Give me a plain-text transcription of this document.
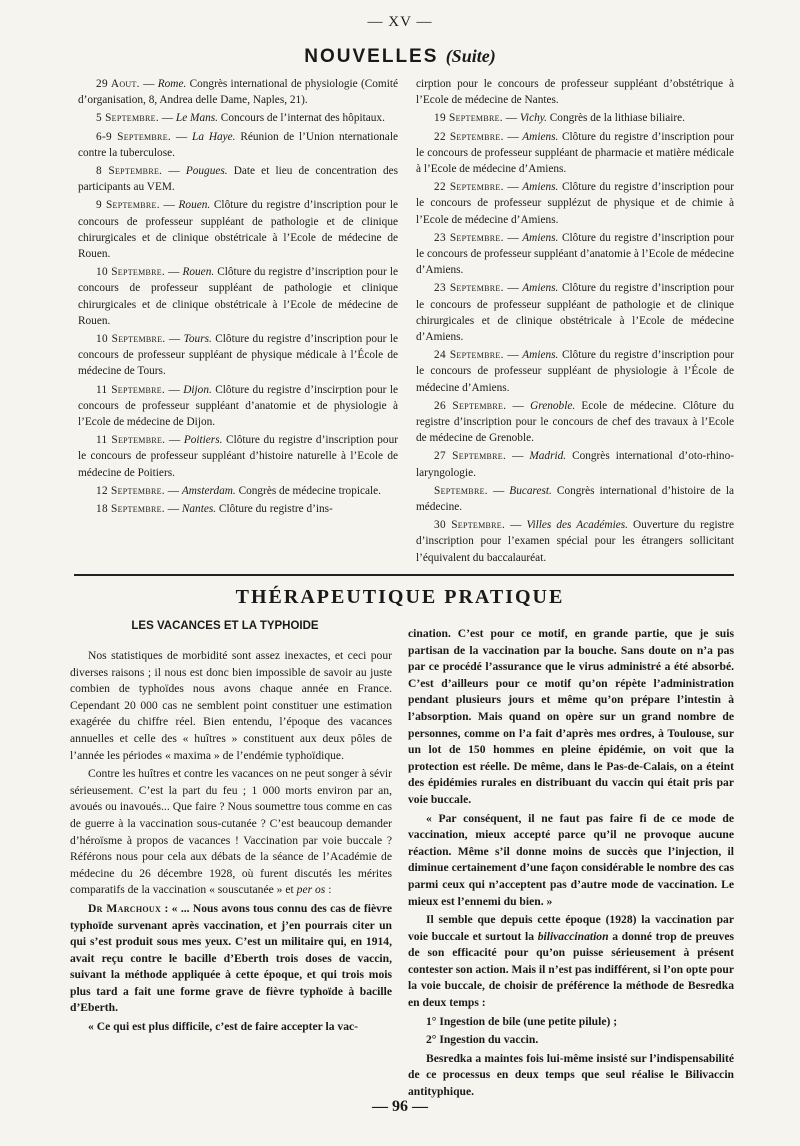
— XV —
NOUVELLES (Suite)

29 Aout. — Rome. Congrès international de physiologie (Comité d’organisation, 8, Andrea delle Dame, Naples, 21).

5 Septembre. — Le Mans. Concours de l’internat des hôpitaux.

6-9 Septembre. — La Haye. Réunion de l’Union nternationale contre la tuberculose.

8 Septembre. — Pougues. Date et lieu de concentration des participants au VEM.

9 Septembre. — Rouen. Clôture du registre d’inscription pour le concours de professeur suppléant de pathologie et de clinique chirurgicales et de clinique obstétricale à l’Ecole de médecine de Rouen.

10 Septembre. — Rouen. Clôture du registre d’inscription pour le concours de professeur suppléant de pathologie et clinique chirurgicales et de clinique obstétricale à l’Ecole de médecine de Rouen.

10 Septembre. — Tours. Clôture du registre d’inscription pour le concours de professeur suppléant de physique médicale à l’École de médecine de Tours.

11 Septembre. — Dijon. Clôture du registre d’inscirption pour le concours de professeur suppléant d’anatomie et de physiologie à l’Ecole de médecine de Dijon.

11 Septembre. — Poitiers. Clôture du registre d’inscription pour le concours de professeur suppléant d’histoire naturelle à l’Ecole de médecine de Poitiers.

12 Septembre. — Amsterdam. Congrès de médecine tropicale.

18 Septembre. — Nantes. Clôture du registre d’ins-

cirption pour le concours de professeur suppléant d’obstétrique à l’Ecole de médecine de Nantes.

19 Septembre. — Vichy. Congrès de la lithiase biliaire.

22 Septembre. — Amiens. Clôture du registre d’inscription pour le concours de professeur suppléant de pharmacie et matière médicale à l’Ecole de médecine d’Amiens.

22 Septembre. — Amiens. Clôture du registre d’inscription pour le concours de professeur supplézut de physique et de chimie à l’Ecole de médecine d’Amiens.

23 Septembre. — Amiens. Clôture du registre d’inscription pour le concours de professeur suppléant d’anatomie à l’Ecole de médecine d’Amiens.

23 Septembre. — Amiens. Clôture du registre d’inscription pour le concours de professeur suppléant de pathologie et de clinique chirurgicales et de clinique obstétricale à l’Ecole de médecine d’Amiens.

24 Septembre. — Amiens. Clôture du registre d’inscription pour le concours de professeur suppléant de physiologie à l’École de médecine d’Amiens.

26 Septembre. — Grenoble. Ecole de médecine. Clôture du registre d’inscription pour le concours de chef des travaux à l’Ecole de médecine de Grenoble.

27 Septembre. — Madrid. Congrès international d’oto-rhino-laryngologie.

Septembre. — Bucarest. Congrès international d’histoire de la médecine.

30 Septembre. — Villes des Académies. Ouverture du registre d’inscription pour l’examen spécial pour les étrangers sollicitant l’équivalent du baccalauréat.

THÉRAPEUTIQUE PRATIQUE
LES VACANCES ET LA TYPHOIDE

Nos statistiques de morbidité sont assez inexactes, et ceci pour diverses raisons ; il nous est donc bien impossible de savoir au juste combien de typhoïdes nous avons chaque année en France. Cependant 20 000 cas ne semblent point constituer une estimation exagérée du chiffre réel. Bien entendu, l’époque des vacances annuelles et celle des « huîtres » constituent aux deux pôles de l’année les périodes « maxima » de l’endémie typhoïdique.

Contre les huîtres et contre les vacances on ne peut songer à sévir sérieusement. C’est la part du feu ; 1 000 morts environ par an, avoués ou inavoués... Que faire ? Nous soumettre tous comme en cas de guerre à la vaccination sous-cutanée ? C’est beaucoup demander d’héroïsme à propos de vacances ! Vaccination par voie buccale ? Référons nous pour cela aux débats de la séance de l’Académie de médecine du 26 décembre 1928, où furent discutés les mérites comparatifs de la vaccination « souscutanée » et per os :

Dr Marchoux : « ... Nous avons tous connu des cas de fièvre typhoïde survenant après vaccination, et j’en pourrais citer un qui s’est produit sous mes yeux. C’est un militaire qui, en 1914, avait reçu contre le bacille d’Eberth trois doses de vaccin, suivant la méthode appliquée à cette époque, et qui trois mois plus tard a fait une forme grave de fièvre typhoïde à bacille d’Eberth.

« Ce qui est plus difficile, c’est de faire accepter la vac-

cination. C’est pour ce motif, en grande partie, que je suis partisan de la vaccination par la bouche. Sans doute on n’a pas par ce procédé l’assurance que le virus administré a été absorbé. C’est d’ailleurs pour ce motif qu’on répète l’administration pendant plusieurs jours et même qu’on prépare l’intestin à l’absorption. Mais quand on opère sur un grand nombre de personnes, comme on l’a fait d’après mes ordres, à Toulouse, sur un lot de 150 hommes en pleine épidémie, on voit que la protection est réelle. De même, dans le Pas-de-Calais, on a éteint des épidémies rurales en distribuant du vaccin qui était pris par voie buccale.

« Par conséquent, il ne faut pas faire fi de ce mode de vaccination, mieux accepté parce qu’il ne provoque aucune réaction. Même s’il donne moins de succès que l’injection, il diminue certainement d’une façon considérable le nombre des cas parmi ceux qui n’acceptent pas d’autre mode de vaccination. Le mieux est l’ennemi du bien. »

Il semble que depuis cette époque (1928) la vaccination par voie buccale et surtout la bilivaccination a donné trop de preuves de son efficacité pour qu’on puisse sérieusement à présent contester son action. Mais il n’est pas indifférent, si l’on opte pour la voie buccale, de choisir de préférence la méthode de Besredka en deux temps :

1° Ingestion de bile (une petite pilule) ;

2° Ingestion du vaccin.

Besredka a maintes fois lui-même insisté sur l’indispensabilité de ce processus en deux temps que seul réalise le Bilivaccin antityphique.

— 96 —
